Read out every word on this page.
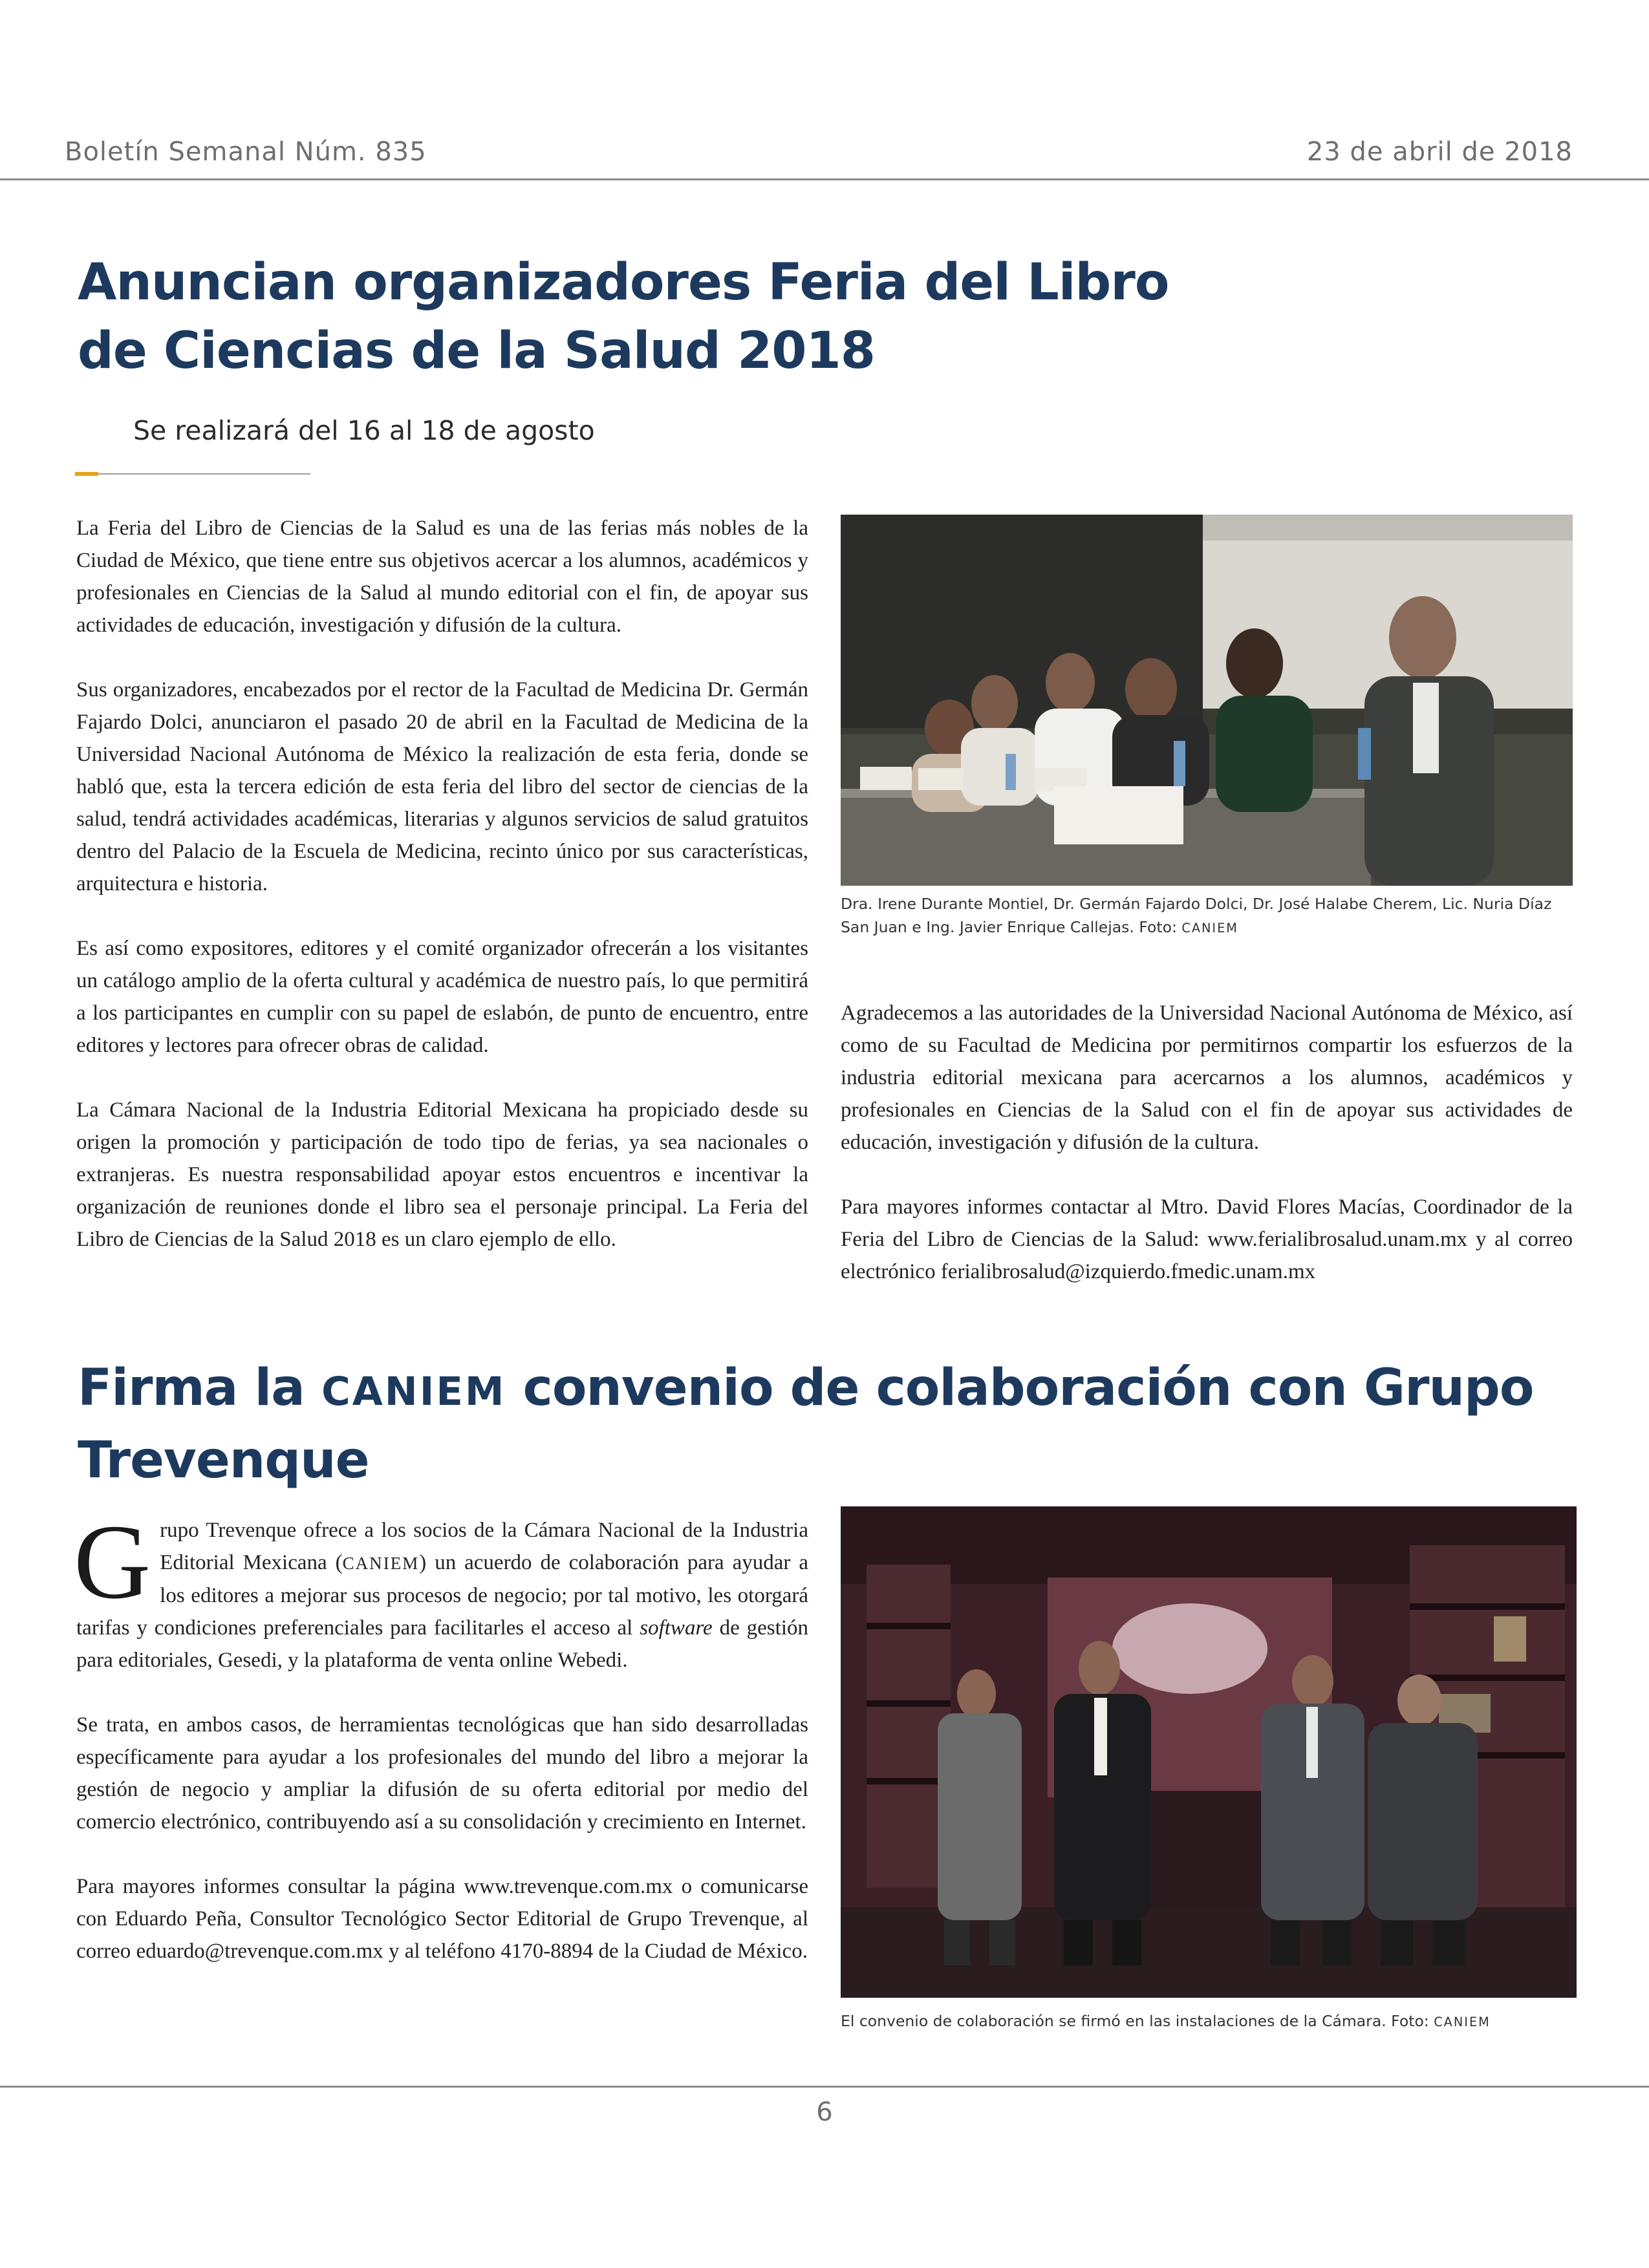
Boletín Semanal Núm. 835	23 de abril de 2018
Anuncian organizadores Feria del Libro
de Ciencias de la Salud 2018
Se realizará del 16 al 18 de agosto

La Feria del Libro de Ciencias de la Salud es una de las ferias más nobles de la Ciudad de México, que tiene entre sus objetivos acercar a los alumnos, académicos y profesionales en Ciencias de la Salud al mundo editorial con el fin, de apoyar sus actividades de educación, investigación y difusión de la cultura.

Sus organizadores, encabezados por el rector de la Facultad de Medicina Dr. Germán Fajardo Dolci, anunciaron el pasado 20 de abril en la Facultad de Medicina de la Universidad Nacional Autónoma de México la realización de esta feria, donde se habló que, esta la tercera edición de esta feria del libro del sector de ciencias de la salud, tendrá actividades académicas, literarias y algunos servicios de salud gratuitos dentro del Palacio de la Escuela de Medicina, recinto único por sus características, arquitectura e historia.

Es así como expositores, editores y el comité organizador ofrecerán a los visitantes un catálogo amplio de la oferta cultural y académica de nuestro país, lo que permitirá a los participantes en cumplir con su papel de eslabón, de punto de encuentro, entre editores y lectores para ofrecer obras de calidad.

La Cámara Nacional de la Industria Editorial Mexicana ha propiciado desde su origen la promoción y participación de todo tipo de ferias, ya sea nacionales o extranjeras. Es nuestra responsabilidad apoyar estos encuentros e incentivar la organización de reuniones donde el libro sea el personaje principal. La Feria del Libro de Ciencias de la Salud 2018 es un claro ejemplo de ello.

Dra. Irene Durante Montiel, Dr. Germán Fajardo Dolci, Dr. José Halabe Cherem, Lic. Nuria Díaz San Juan e Ing. Javier Enrique Callejas. Foto: CANIEM

Agradecemos a las autoridades de la Universidad Nacional Autónoma de México, así como de su Facultad de Medicina por permitirnos compartir los esfuerzos de la industria editorial mexicana para acercarnos a los alumnos, académicos y profesionales en Ciencias de la Salud con el fin de apoyar sus actividades de educación, investigación y difusión de la cultura.

Para mayores informes contactar al Mtro. David Flores Macías, Coordinador de la Feria del Libro de Ciencias de la Salud: www.ferialibrosalud.unam.mx y al correo electrónico ferialibrosalud@izquierdo.fmedic.unam.mx

Firma la CANIEM convenio de colaboración con Grupo
Trevenque

Grupo Trevenque ofrece a los socios de la Cámara Nacional de la Industria Editorial Mexicana (CANIEM) un acuerdo de colaboración para ayudar a los editores a mejorar sus procesos de negocio; por tal motivo, les otorgará tarifas y condiciones preferenciales para facilitarles el acceso al software de gestión para editoriales, Gesedi, y la plataforma de venta online Webedi.

Se trata, en ambos casos, de herramientas tecnológicas que han sido desarrolladas específicamente para ayudar a los profesionales del mundo del libro a mejorar la gestión de negocio y ampliar la difusión de su oferta editorial por medio del comercio electrónico, contribuyendo así a su consolidación y crecimiento en Internet.

Para mayores informes consultar la página www.trevenque.com.mx o comunicarse con Eduardo Peña, Consultor Tecnológico Sector Editorial de Grupo Trevenque, al correo eduardo@trevenque.com.mx y al teléfono 4170-8894 de la Ciudad de México.

El convenio de colaboración se firmó en las instalaciones de la Cámara. Foto: CANIEM
6
